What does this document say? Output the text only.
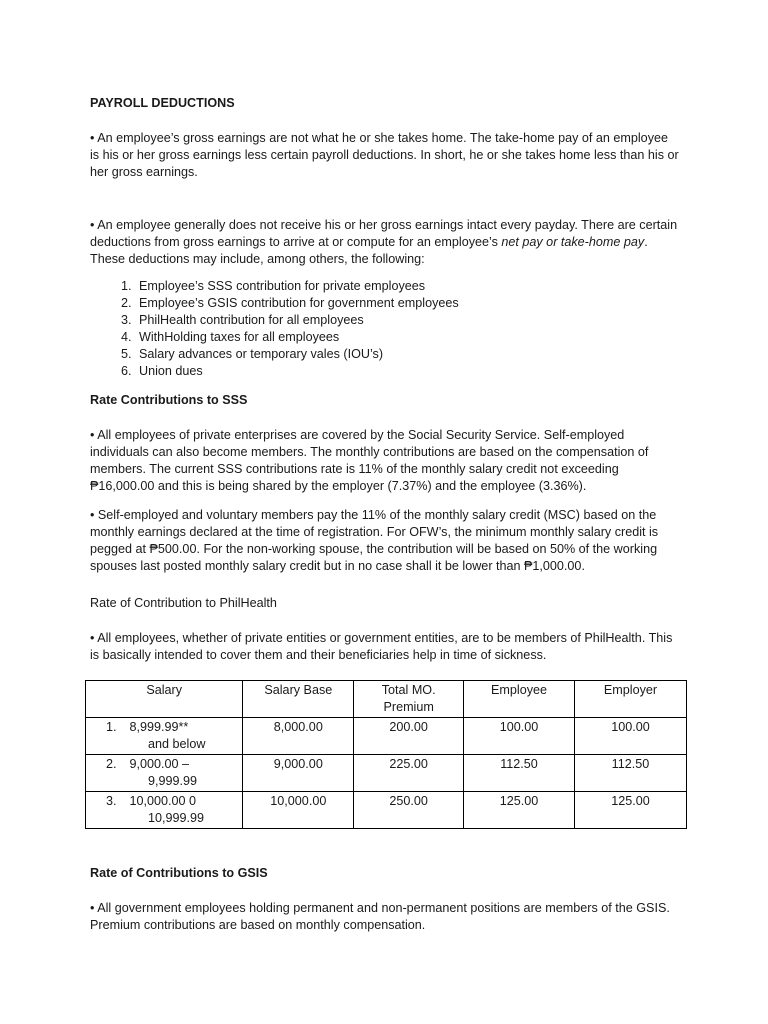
PAYROLL DEDUCTIONS

• An employee’s gross earnings are not what he or she takes home. The take-home pay of an employee is his or her gross earnings less certain payroll deductions. In short, he or she takes home less than his or her gross earnings.

• An employee generally does not receive his or her gross earnings intact every payday. There are certain deductions from gross earnings to arrive at or compute for an employee’s net pay or take-home pay. These deductions may include, among others, the following:

1. Employee’s SSS contribution for private employees
2. Employee’s GSIS contribution for government employees
3. PhilHealth contribution for all employees
4. WithHolding taxes for all employees
5. Salary advances or temporary vales (IOU’s)
6. Union dues
Rate Contributions to SSS

• All employees of private enterprises are covered by the Social Security Service. Self-employed individuals can also become members. The monthly contributions are based on the compensation of members. The current SSS contributions rate is 11% of the monthly salary credit not exceeding ₱16,000.00 and this is being shared by the employer (7.37%) and the employee (3.36%).

• Self-employed and voluntary members pay the 11% of the monthly salary credit (MSC) based on the monthly earnings declared at the time of registration. For OFW’s, the minimum monthly salary credit is pegged at ₱500.00. For the non-working spouse, the contribution will be based on 50% of the working spouses last posted monthly salary credit but in no case shall it be lower than ₱1,000.00.

Rate of Contribution to PhilHealth

• All employees, whether of private entities or government entities, are to be members of PhilHealth. This is basically intended to cover them and their beneficiaries help in time of sickness.

Salary	Salary Base	Total MO. Premium	Employee	Employer
1. 8,999.99**
and below	8,000.00	200.00	100.00	100.00
2. 9,000.00 –
9,999.99	9,000.00	225.00	112.50	112.50
3. 10,000.00 0
10,999.99	10,000.00	250.00	125.00	125.00
Rate of Contributions to GSIS

• All government employees holding permanent and non-permanent positions are members of the GSIS. Premium contributions are based on monthly compensation.
